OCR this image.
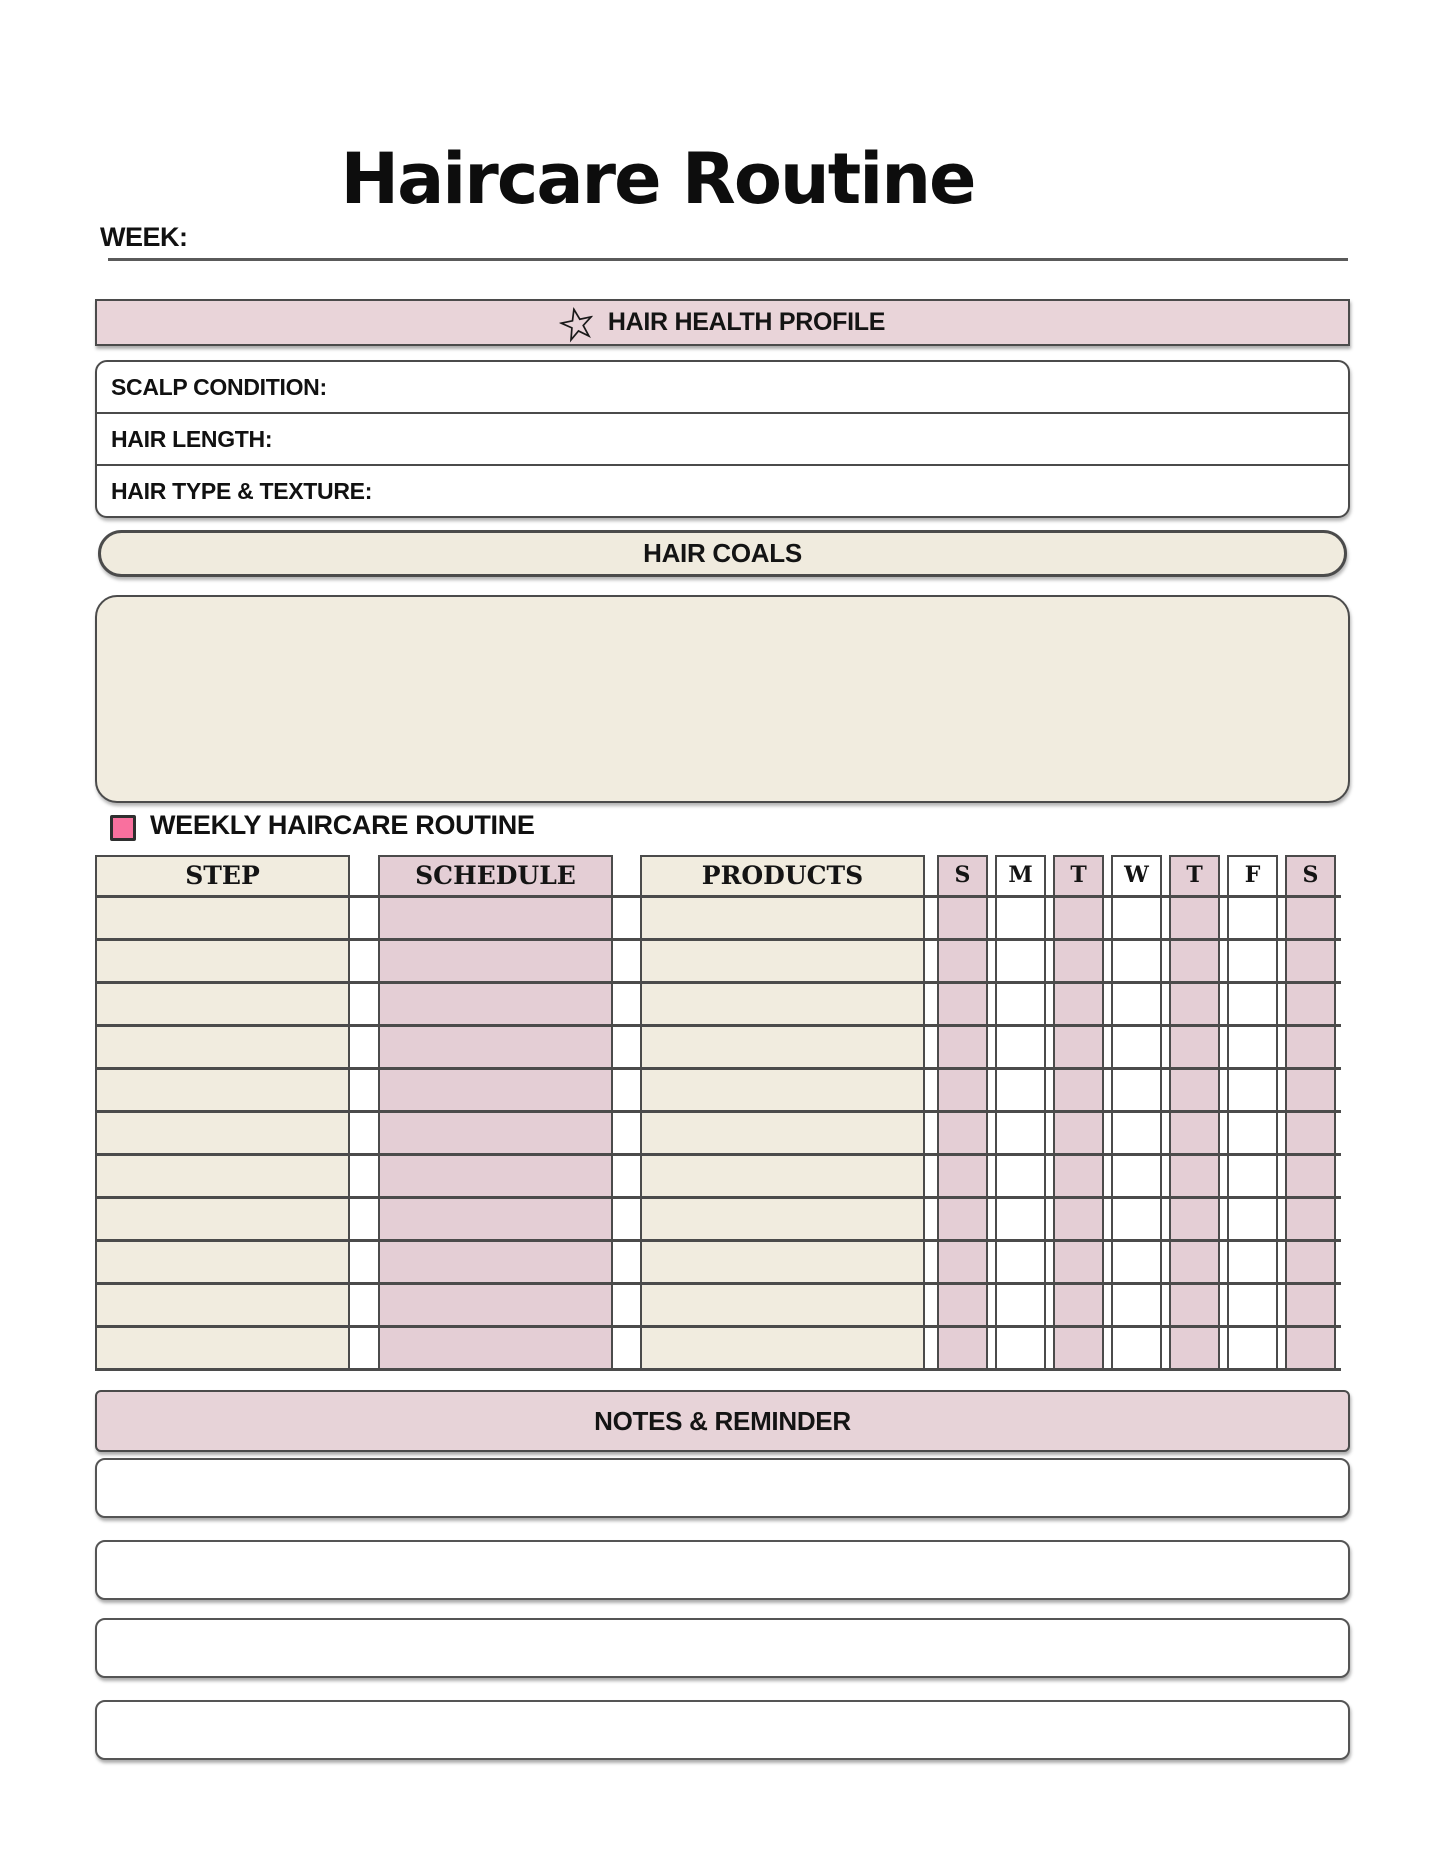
Haircare Routine
WEEK:
HAIR HEALTH PROFILE
SCALP CONDITION:
HAIR LENGTH:
HAIR TYPE & TEXTURE:
HAIR COALS
WEEKLY HAIRCARE ROUTINE
STEP	SCHEDULE	PRODUCTS	S	M	T	W	T	F	S
NOTES & REMINDER
